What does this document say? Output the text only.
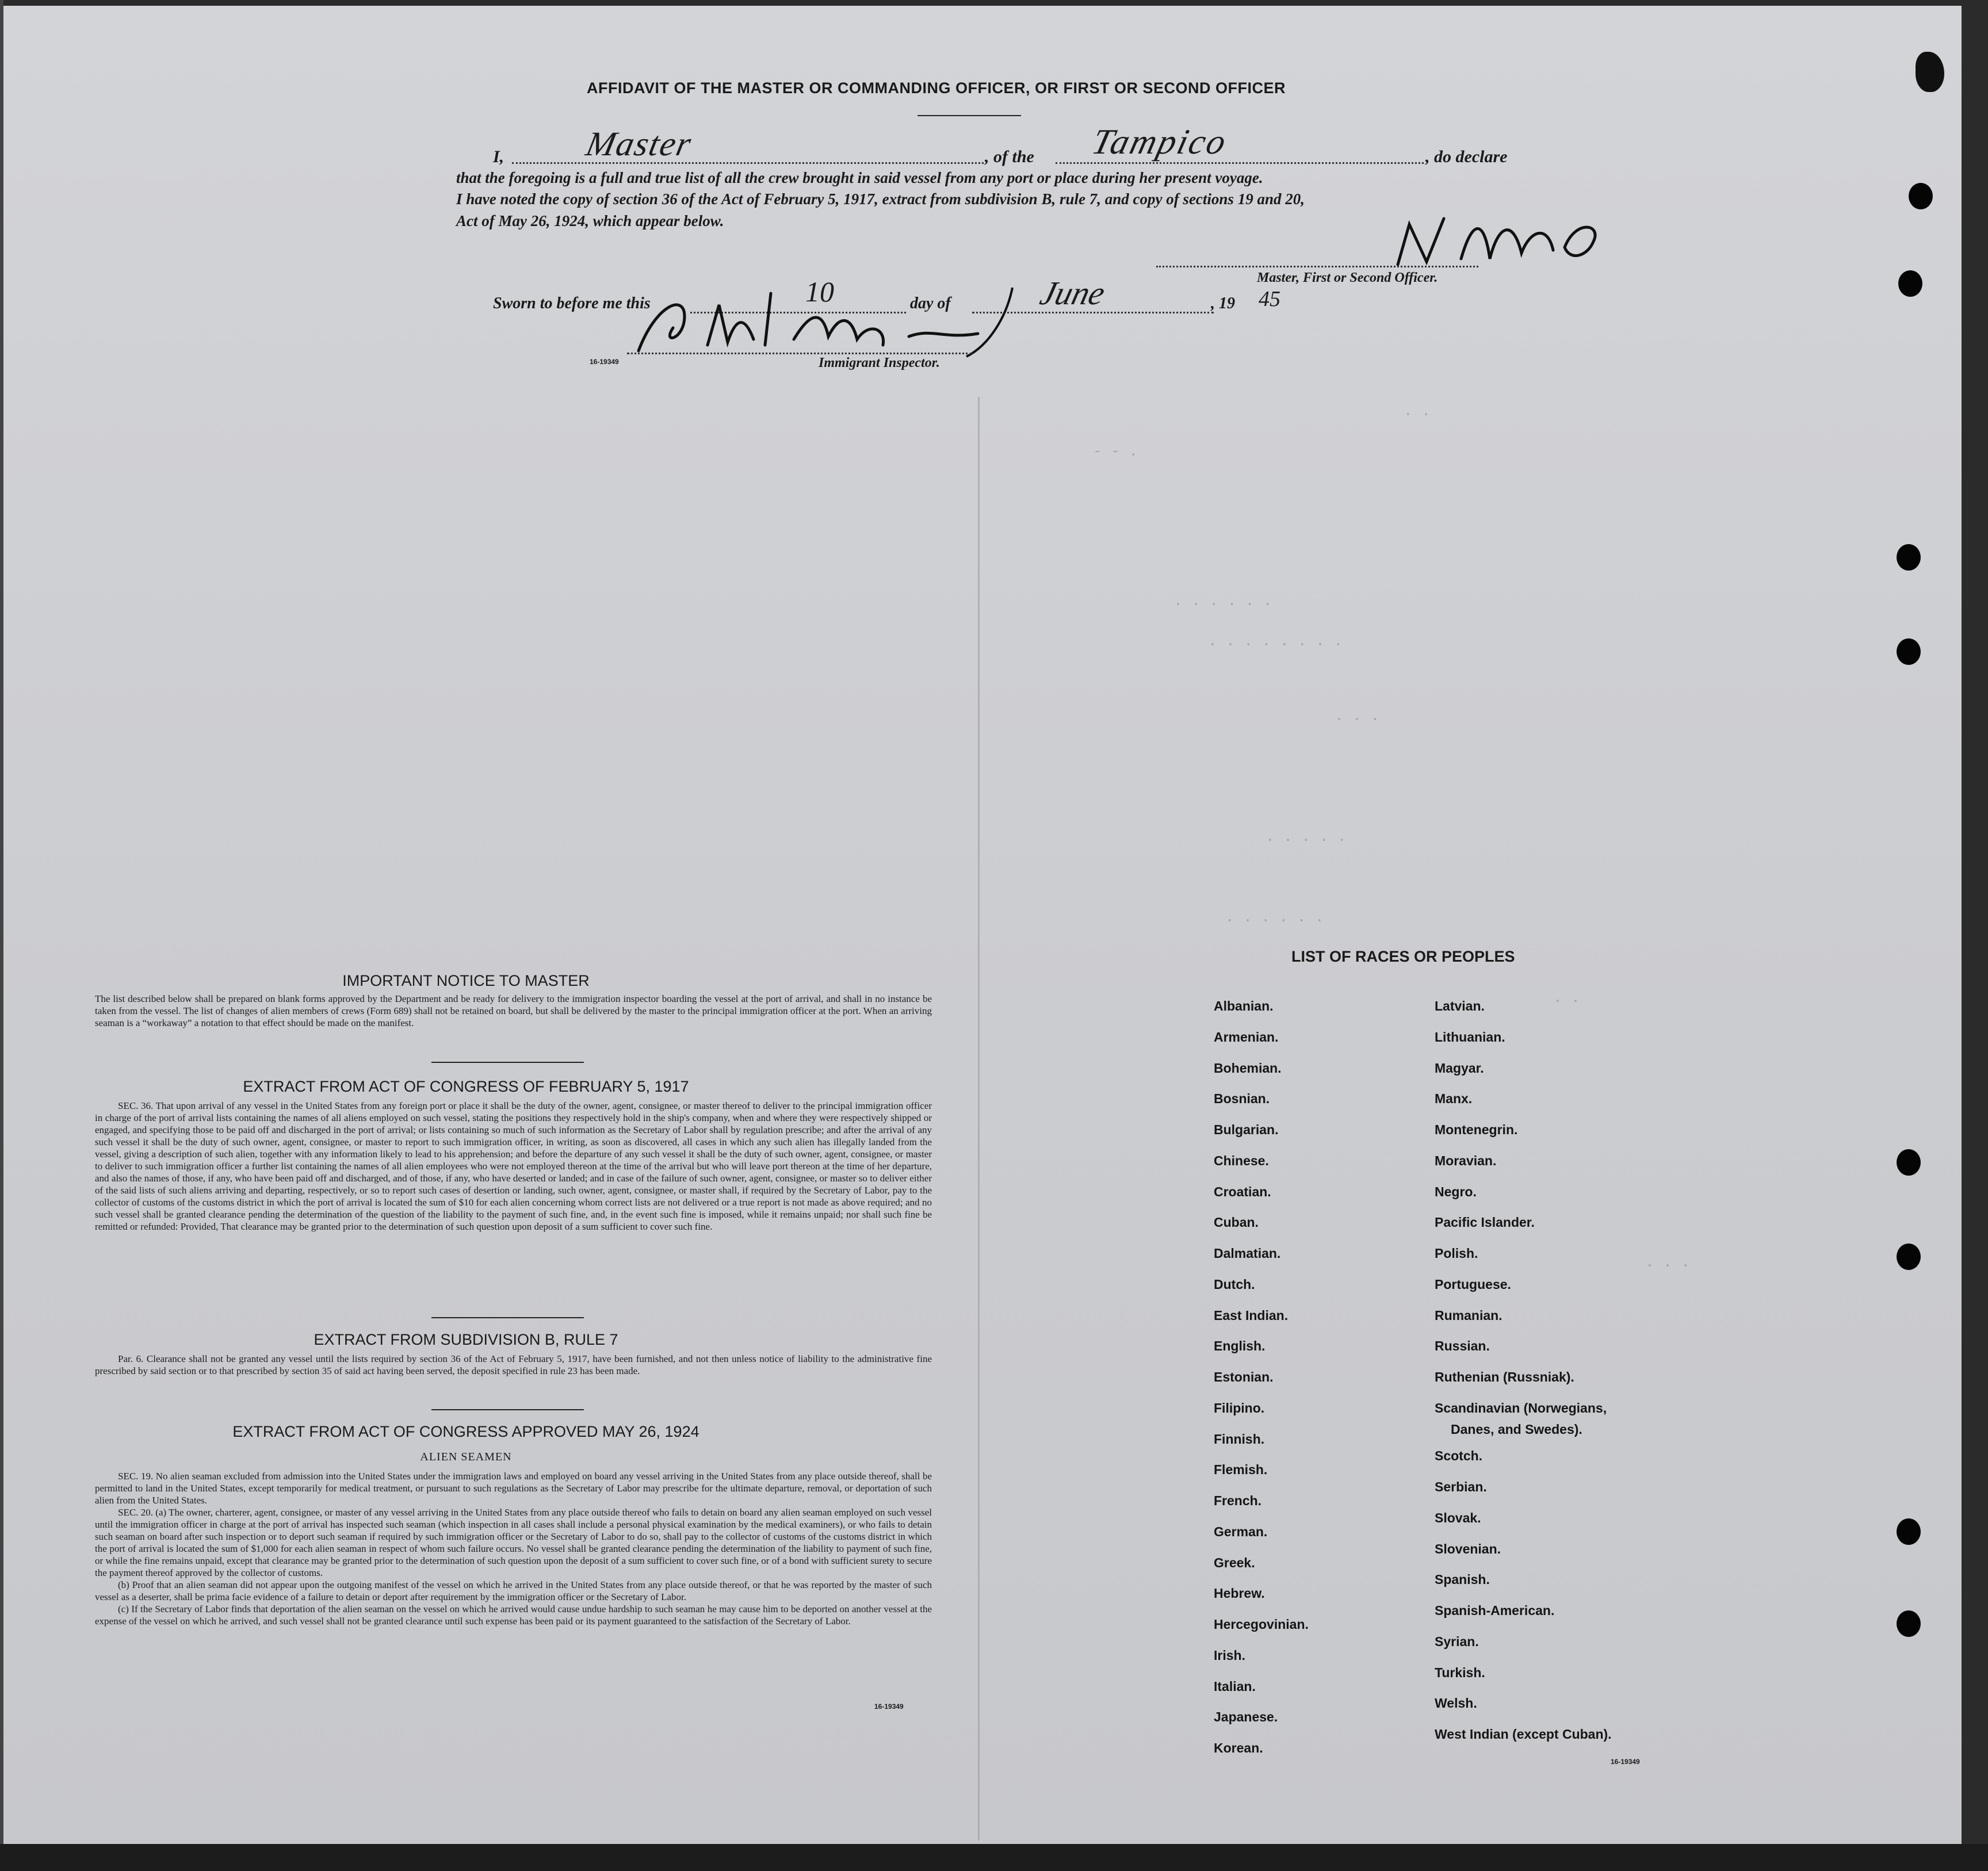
. .
- - .
. . . . . .
. . . . . . . .
. . .
. . . . .
. . . . . .
. .
. . .
AFFIDAVIT OF THE MASTER OR COMMANDING OFFICER, OR FIRST OR SECOND OFFICER
I, Master	, of the Tampico	, do declare
that the foregoing is a full and true list of all the crew brought in said vessel from any port or place during her present voyage.
I have noted the copy of section 36 of the Act of February 5, 1917, extract from subdivision B, rule 7, and copy of sections 19 and 20,
Act of May 26, 1924, which appear below.
Master, First or Second Officer.
Sworn to before me this	10	day of	June	, 19 45
16‐19349	Immigrant Inspector.
IMPORTANT NOTICE TO MASTER
The list described below shall be prepared on blank forms approved by the Department and be ready for delivery to the immigration inspector boarding the vessel at the port of arrival, and shall in no instance be taken from the vessel. The list of changes of alien members of crews (Form 689) shall not be retained on board, but shall be delivered by the master to the principal immigration officer at the port. When an arriving seaman is a “workaway” a notation to that effect should be made on the manifest.
EXTRACT FROM ACT OF CONGRESS OF FEBRUARY 5, 1917
SEC. 36. That upon arrival of any vessel in the United States from any foreign port or place it shall be the duty of the owner, agent, consignee, or master thereof to deliver to the principal immigration officer in charge of the port of arrival lists containing the names of all aliens employed on such vessel, stating the positions they respectively hold in the ship's company, when and where they were respectively shipped or engaged, and specifying those to be paid off and discharged in the port of arrival; or lists containing so much of such information as the Secretary of Labor shall by regulation prescribe; and after the arrival of any such vessel it shall be the duty of such owner, agent, consignee, or master to report to such immigration officer, in writing, as soon as discovered, all cases in which any such alien has illegally landed from the vessel, giving a description of such alien, together with any information likely to lead to his apprehension; and before the departure of any such vessel it shall be the duty of such owner, agent, consignee, or master to deliver to such immigration officer a further list containing the names of all alien employees who were not employed thereon at the time of the arrival but who will leave port thereon at the time of her departure, and also the names of those, if any, who have been paid off and discharged, and of those, if any, who have deserted or landed; and in case of the failure of such owner, agent, consignee, or master so to deliver either of the said lists of such aliens arriving and departing, respectively, or so to report such cases of desertion or landing, such owner, agent, consignee, or master shall, if required by the Secretary of Labor, pay to the collector of customs of the customs district in which the port of arrival is located the sum of $10 for each alien concerning whom correct lists are not delivered or a true report is not made as above required; and no such vessel shall be granted clearance pending the determination of the question of the liability to the payment of such fine, and, in the event such fine is imposed, while it remains unpaid; nor shall such fine be remitted or refunded: Provided, That clearance may be granted prior to the determination of such question upon deposit of a sum sufficient to cover such fine.
EXTRACT FROM SUBDIVISION B, RULE 7
Par. 6. Clearance shall not be granted any vessel until the lists required by section 36 of the Act of February 5, 1917, have been furnished, and not then unless notice of liability to the administrative fine prescribed by said section or to that prescribed by section 35 of said act having been served, the deposit specified in rule 23 has been made.
EXTRACT FROM ACT OF CONGRESS APPROVED MAY 26, 1924
ALIEN SEAMEN
SEC. 19. No alien seaman excluded from admission into the United States under the immigration laws and employed on board any vessel arriving in the United States from any place outside thereof, shall be permitted to land in the United States, except temporarily for medical treatment, or pursuant to such regulations as the Secretary of Labor may prescribe for the ultimate departure, removal, or deportation of such alien from the United States.
SEC. 20. (a) The owner, charterer, agent, consignee, or master of any vessel arriving in the United States from any place outside thereof who fails to detain on board any alien seaman employed on such vessel until the immigration officer in charge at the port of arrival has inspected such seaman (which inspection in all cases shall include a personal physical examination by the medical examiners), or who fails to detain such seaman on board after such inspection or to deport such seaman if required by such immigration officer or the Secretary of Labor to do so, shall pay to the collector of customs of the customs district in which the port of arrival is located the sum of $1,000 for each alien seaman in respect of whom such failure occurs. No vessel shall be granted clearance pending the determination of the liability to payment of such fine, or while the fine remains unpaid, except that clearance may be granted prior to the determination of such question upon the deposit of a sum sufficient to cover such fine, or of a bond with sufficient surety to secure the payment thereof approved by the collector of customs.
(b) Proof that an alien seaman did not appear upon the outgoing manifest of the vessel on which he arrived in the United States from any place outside thereof, or that he was reported by the master of such vessel as a deserter, shall be prima facie evidence of a failure to detain or deport after requirement by the immigration officer or the Secretary of Labor.
(c) If the Secretary of Labor finds that deportation of the alien seaman on the vessel on which he arrived would cause undue hardship to such seaman he may cause him to be deported on another vessel at the expense of the vessel on which he arrived, and such vessel shall not be granted clearance until such expense has been paid or its payment guaranteed to the satisfaction of the Secretary of Labor.
16‐19349
LIST OF RACES OR PEOPLES
Danes, and Swedes).
16‐19349
Albanian.
Armenian.
Bohemian.
Bosnian.
Bulgarian.
Chinese.
Croatian.
Cuban.
Dalmatian.
Dutch.
East Indian.
English.
Estonian.
Filipino.
Finnish.
Flemish.
French.
German.
Greek.
Hebrew.
Hercegovinian.
Irish.
Italian.
Japanese.
Korean.
Latvian.
Lithuanian.
Magyar.
Manx.
Montenegrin.
Moravian.
Negro.
Pacific Islander.
Polish.
Portuguese.
Rumanian.
Russian.
Ruthenian (Russniak).
Scandinavian (Norwegians,
Scotch.
Serbian.
Slovak.
Slovenian.
Spanish.
Spanish-American.
Syrian.
Turkish.
Welsh.
West Indian (except Cuban).
